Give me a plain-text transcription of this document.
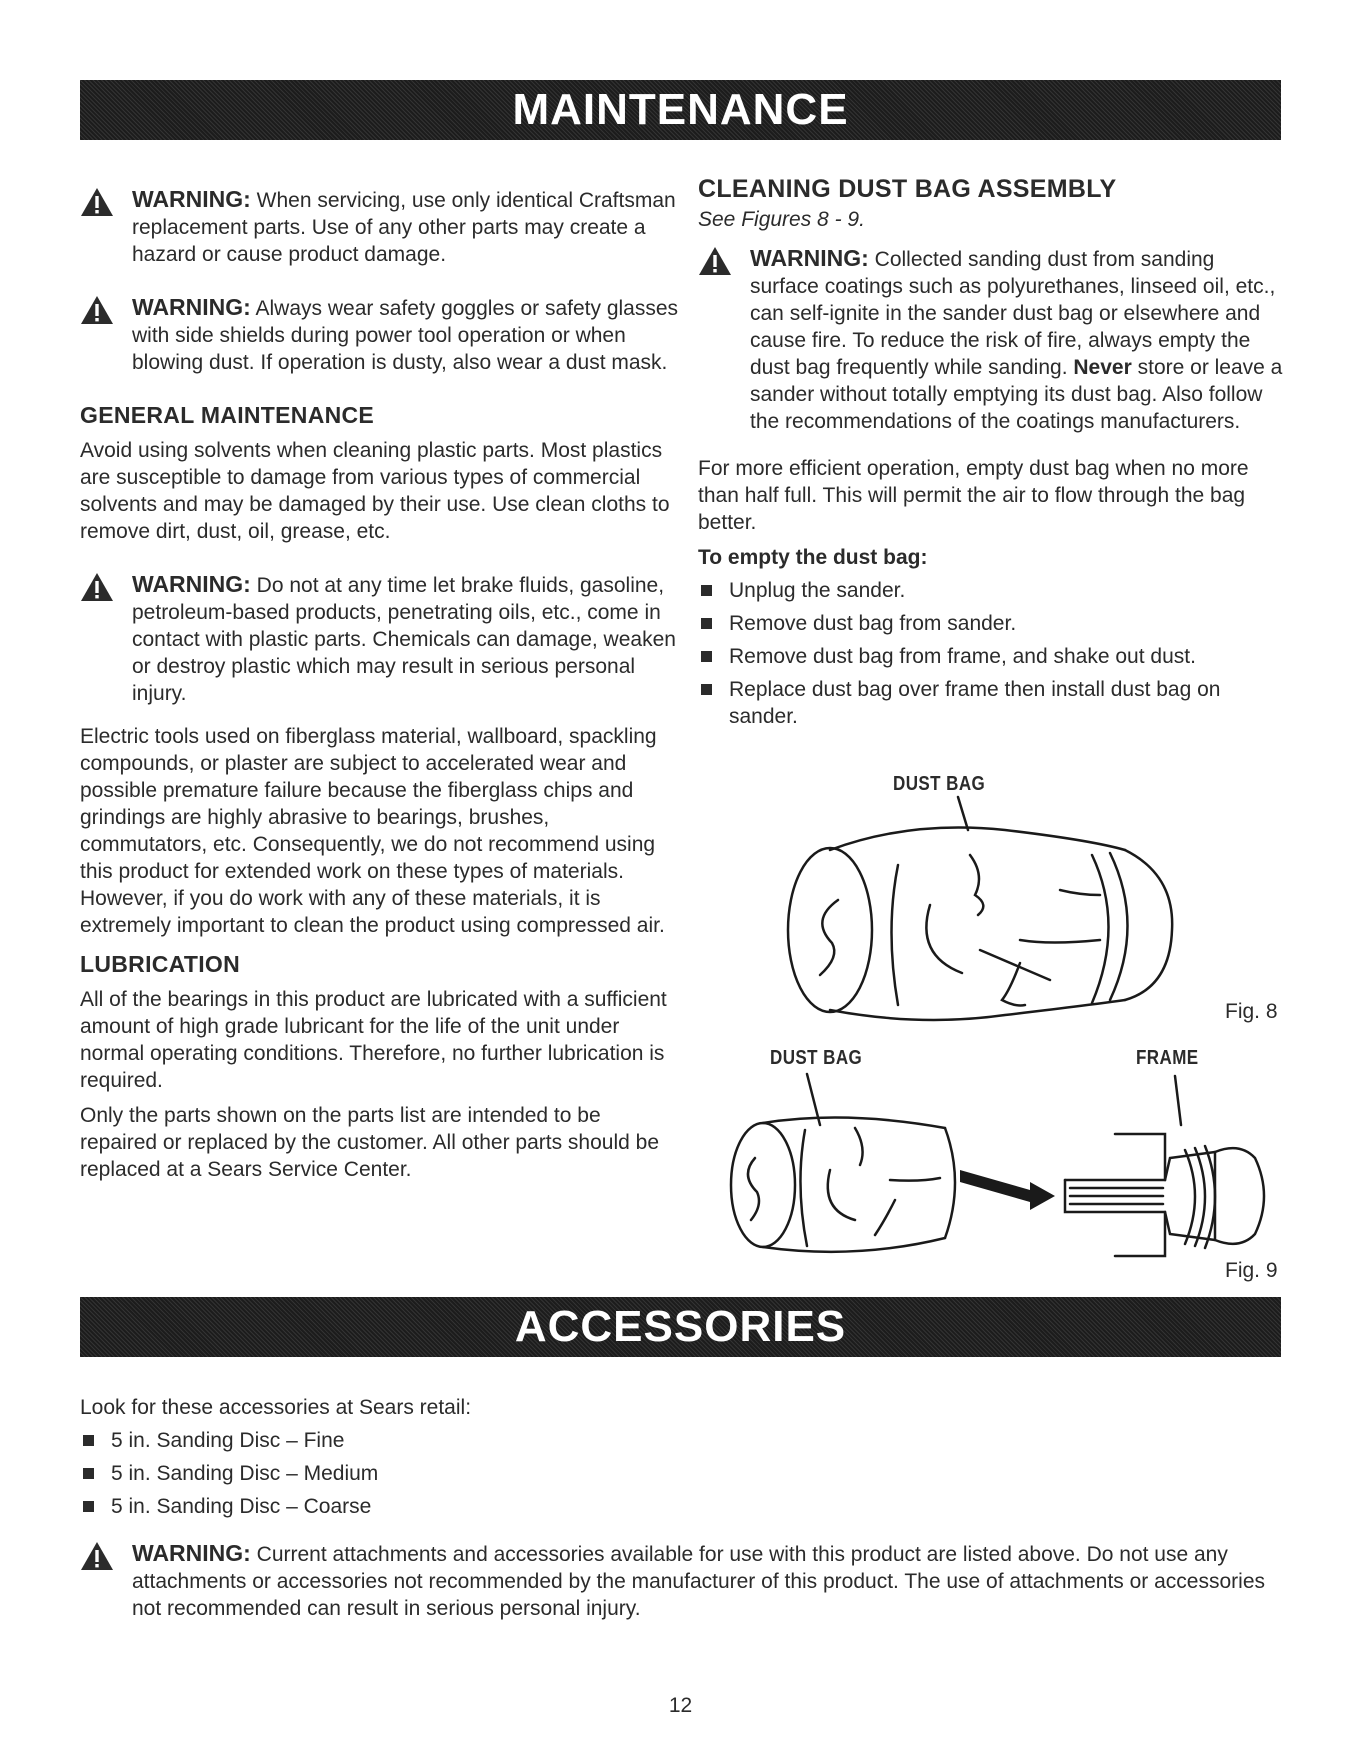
MAINTENANCE

WARNING: When servicing, use only identical Craftsman replacement parts. Use of any other parts may create a hazard or cause product damage.

WARNING: Always wear safety goggles or safety glasses with side shields during power tool operation or when blowing dust. If operation is dusty, also wear a dust mask.

GENERAL MAINTENANCE

Avoid using solvents when cleaning plastic parts. Most plastics are susceptible to damage from various types of commercial solvents and may be damaged by their use. Use clean cloths to remove dirt, dust, oil, grease, etc.

WARNING: Do not at any time let brake fluids, gasoline, petroleum-based products, penetrating oils, etc., come in contact with plastic parts. Chemicals can damage, weaken or destroy plastic which may result in serious personal injury.

Electric tools used on fiberglass material, wallboard, spackling compounds, or plaster are subject to accelerated wear and possible premature failure because the fiberglass chips and grindings are highly abrasive to bearings, brushes, commutators, etc. Consequently, we do not recommend using this product for extended work on these types of materials. However, if you do work with any of these materials, it is extremely important to clean the product using compressed air.

LUBRICATION

All of the bearings in this product are lubricated with a sufficient amount of high grade lubricant for the life of the unit under normal operating conditions. Therefore, no further lubrication is required.

Only the parts shown on the parts list are intended to be repaired or replaced by the customer. All other parts should be replaced at a Sears Service Center.

CLEANING DUST BAG ASSEMBLY

See Figures 8 - 9.

WARNING: Collected sanding dust from sanding surface coatings such as polyurethanes, linseed oil, etc., can self-ignite in the sander dust bag or elsewhere and cause fire. To reduce the risk of fire, always empty the dust bag frequently while sanding. Never store or leave a sander without totally emptying its dust bag. Also follow the recommendations of the coatings manufacturers.

For more efficient operation, empty dust bag when no more than half full. This will permit the air to flow through the bag better.

To empty the dust bag:

Unplug the sander.
Remove dust bag from sander.
Remove dust bag from frame, and shake out dust.
Replace dust bag over frame then install dust bag on sander.
DUST BAG
Fig. 8
DUST BAG	FRAME
Fig. 9
ACCESSORIES

Look for these accessories at Sears retail:

5 in. Sanding Disc – Fine
5 in. Sanding Disc – Medium
5 in. Sanding Disc – Coarse

WARNING: Current attachments and accessories available for use with this product are listed above. Do not use any attachments or accessories not recommended by the manufacturer of this product. The use of attachments or accessories not recommended can result in serious personal injury.

12
